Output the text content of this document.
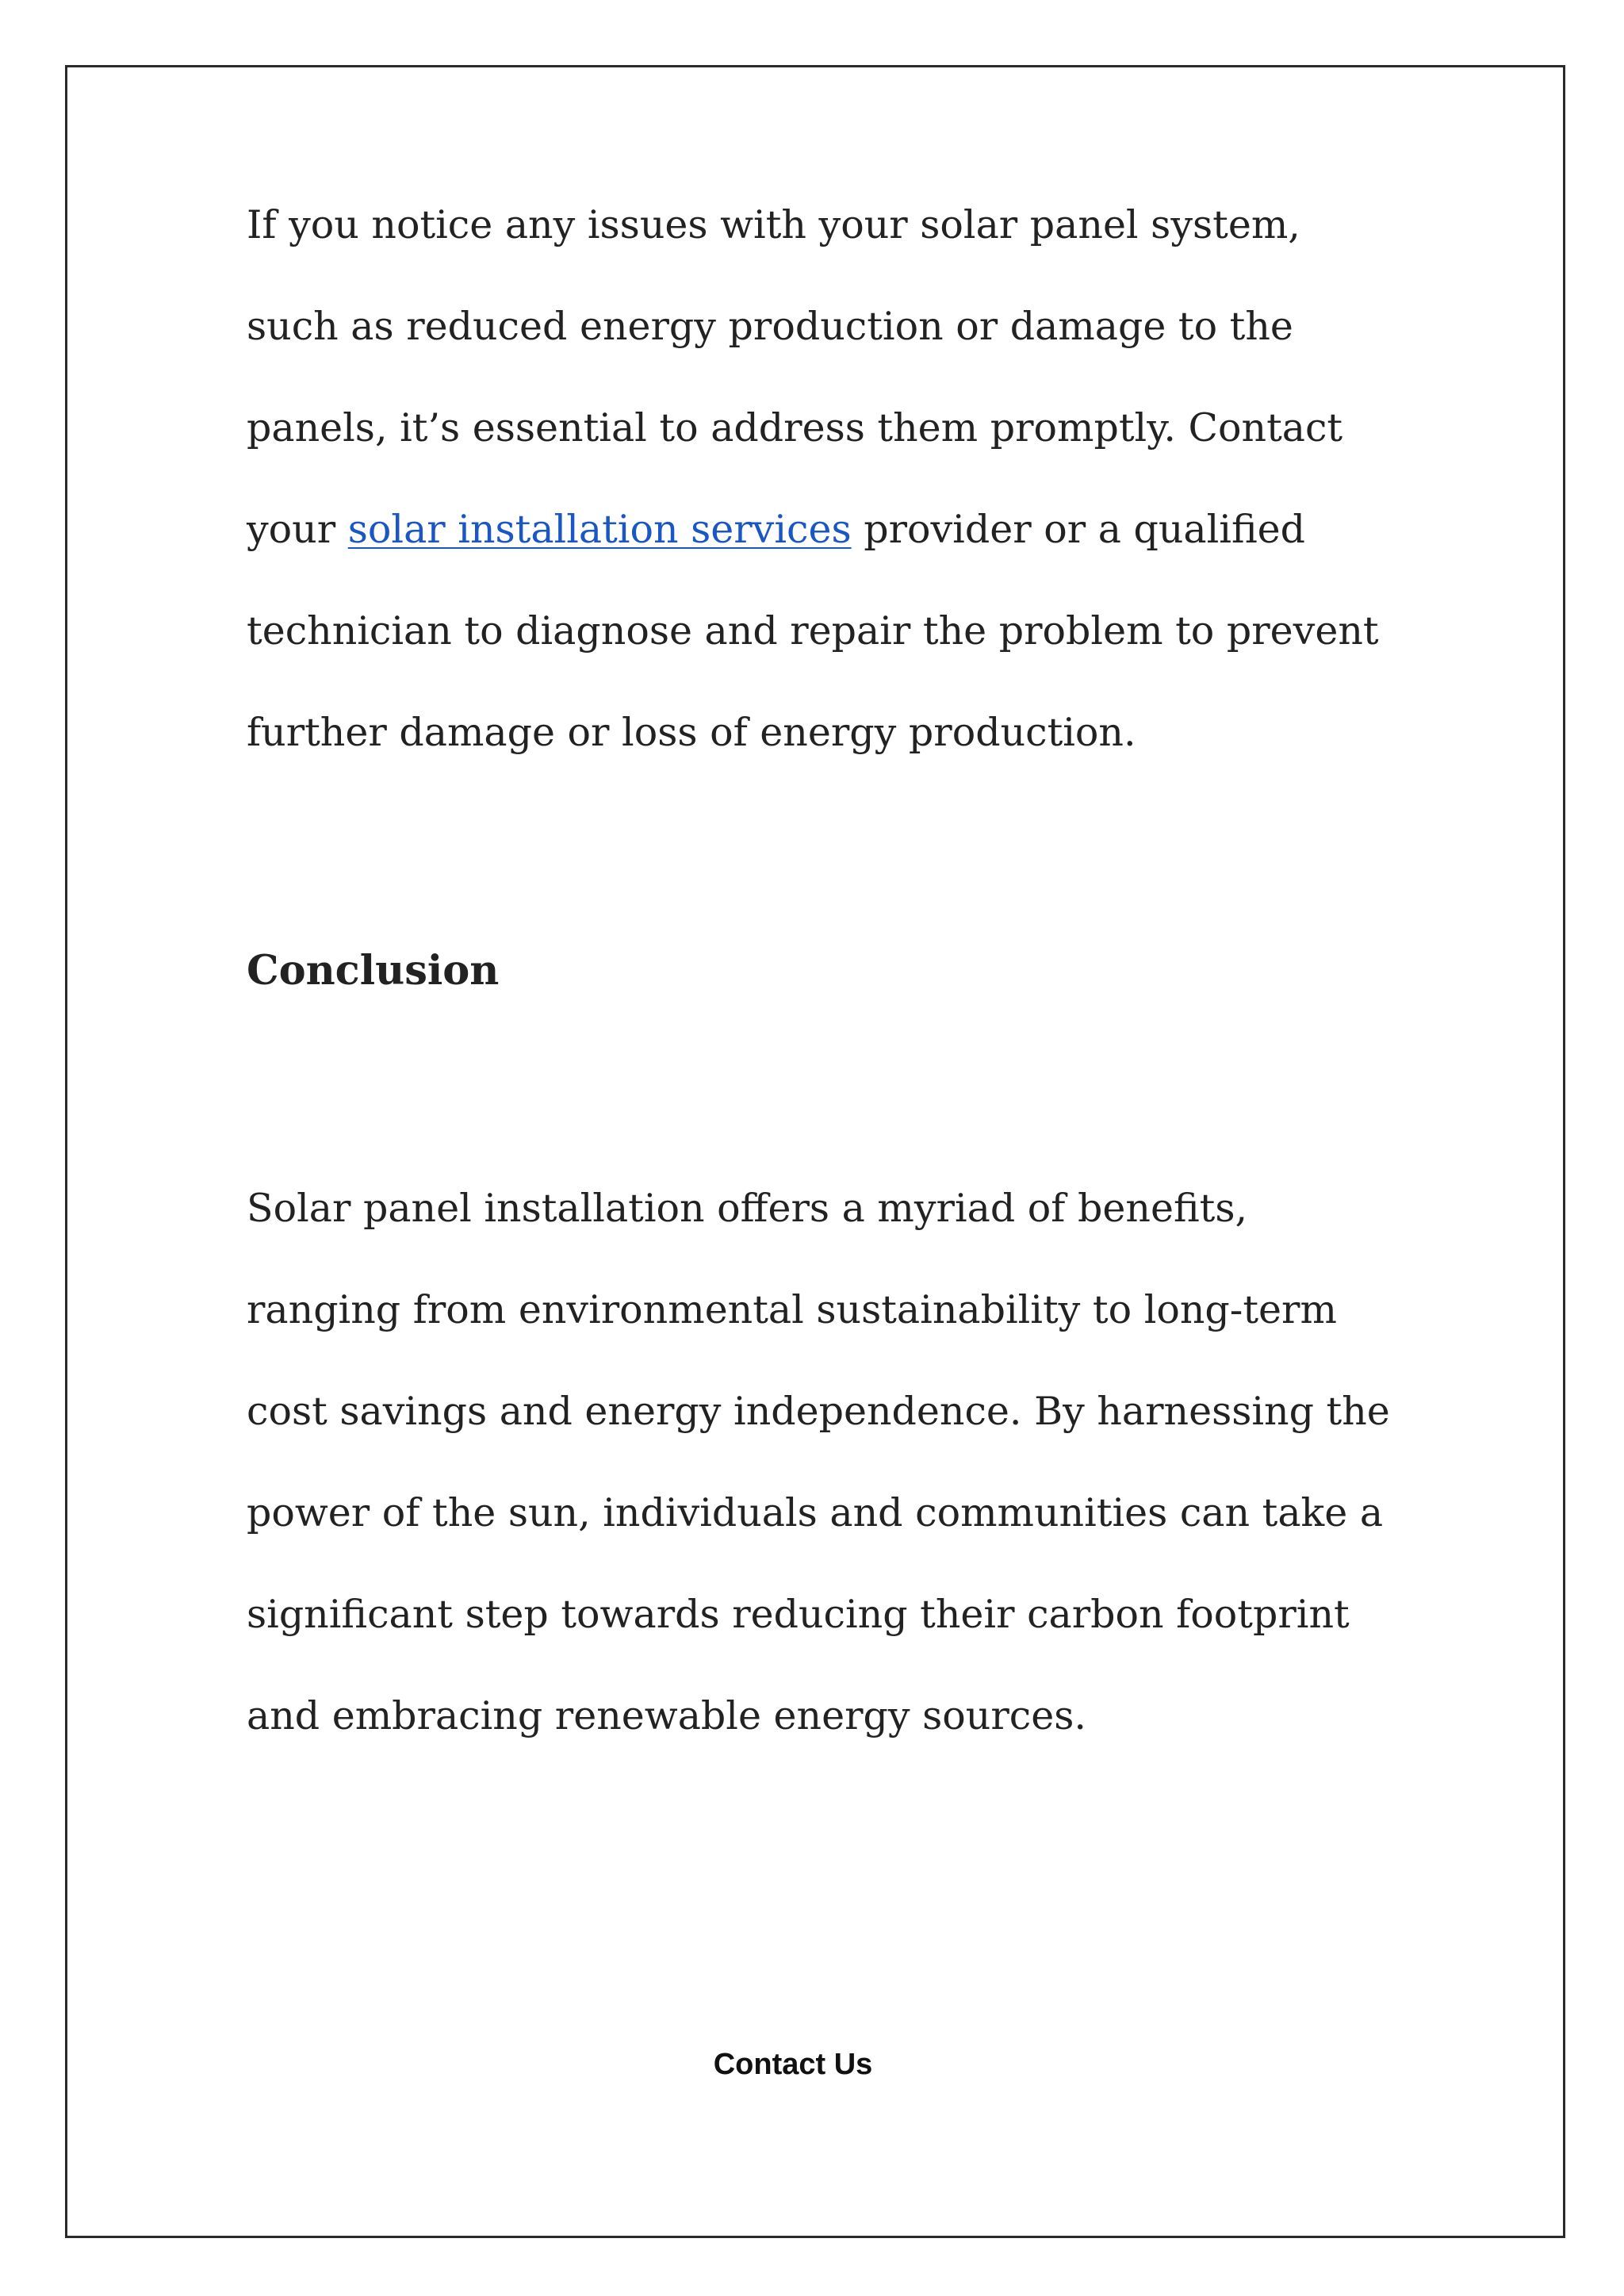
If you notice any issues with your solar panel system, such as reduced energy production or damage to the panels, it’s essential to address them promptly. Contact your solar installation services provider or a qualified technician to diagnose and repair the problem to prevent further damage or loss of energy production.

Conclusion

Solar panel installation offers a myriad of benefits, ranging from environmental sustainability to long-term cost savings and energy independence. By harnessing the power of the sun, individuals and communities can take a significant step towards reducing their carbon footprint and embracing renewable energy sources.

Contact Us
